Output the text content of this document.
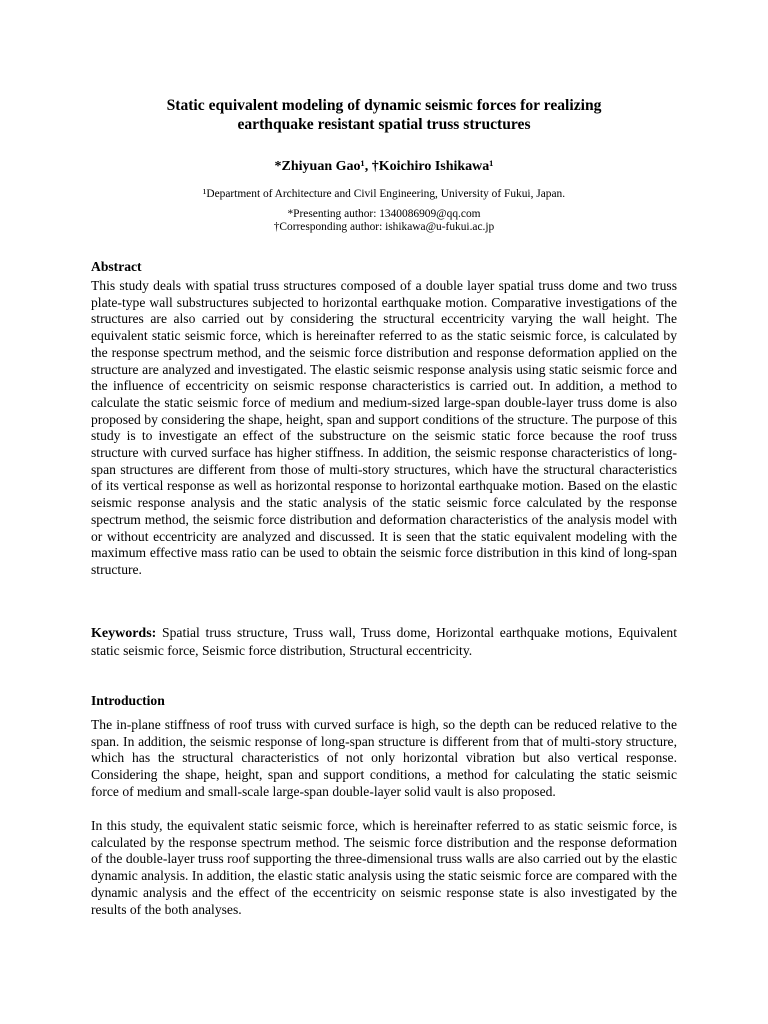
Static equivalent modeling of dynamic seismic forces for realizing
earthquake resistant spatial truss structures
*Zhiyuan Gao¹, †Koichiro Ishikawa¹
¹Department of Architecture and Civil Engineering, University of Fukui, Japan.
*Presenting author: 1340086909@qq.com
†Corresponding author: ishikawa@u-fukui.ac.jp
Abstract

This study deals with spatial truss structures composed of a double layer spatial truss dome and two truss plate-type wall substructures subjected to horizontal earthquake motion. Comparative investigations of the structures are also carried out by considering the structural eccentricity varying the wall height. The equivalent static seismic force, which is hereinafter referred to as the static seismic force, is calculated by the response spectrum method, and the seismic force distribution and response deformation applied on the structure are analyzed and investigated. The elastic seismic response analysis using static seismic force and the influence of eccentricity on seismic response characteristics is carried out. In addition, a method to calculate the static seismic force of medium and medium-sized large-span double-layer truss dome is also proposed by considering the shape, height, span and support conditions of the structure. The purpose of this study is to investigate an effect of the substructure on the seismic static force because the roof truss structure with curved surface has higher stiffness. In addition, the seismic response characteristics of long-span structures are different from those of multi-story structures, which have the structural characteristics of its vertical response as well as horizontal response to horizontal earthquake motion. Based on the elastic seismic response analysis and the static analysis of the static seismic force calculated by the response spectrum method, the seismic force distribution and deformation characteristics of the analysis model with or without eccentricity are analyzed and discussed. It is seen that the static equivalent modeling with the maximum effective mass ratio can be used to obtain the seismic force distribution in this kind of long-span structure.

Keywords: Spatial truss structure, Truss wall, Truss dome, Horizontal earthquake motions, Equivalent static seismic force, Seismic force distribution, Structural eccentricity.

Introduction

The in-plane stiffness of roof truss with curved surface is high, so the depth can be reduced relative to the span. In addition, the seismic response of long-span structure is different from that of multi-story structure, which has the structural characteristics of not only horizontal vibration but also vertical response. Considering the shape, height, span and support conditions, a method for calculating the static seismic force of medium and small-scale large-span double-layer solid vault is also proposed.

In this study, the equivalent static seismic force, which is hereinafter referred to as static seismic force, is calculated by the response spectrum method. The seismic force distribution and the response deformation of the double-layer truss roof supporting the three-dimensional truss walls are also carried out by the elastic dynamic analysis. In addition, the elastic static analysis using the static seismic force are compared with the dynamic analysis and the effect of the eccentricity on seismic response state is also investigated by the results of the both analyses.
